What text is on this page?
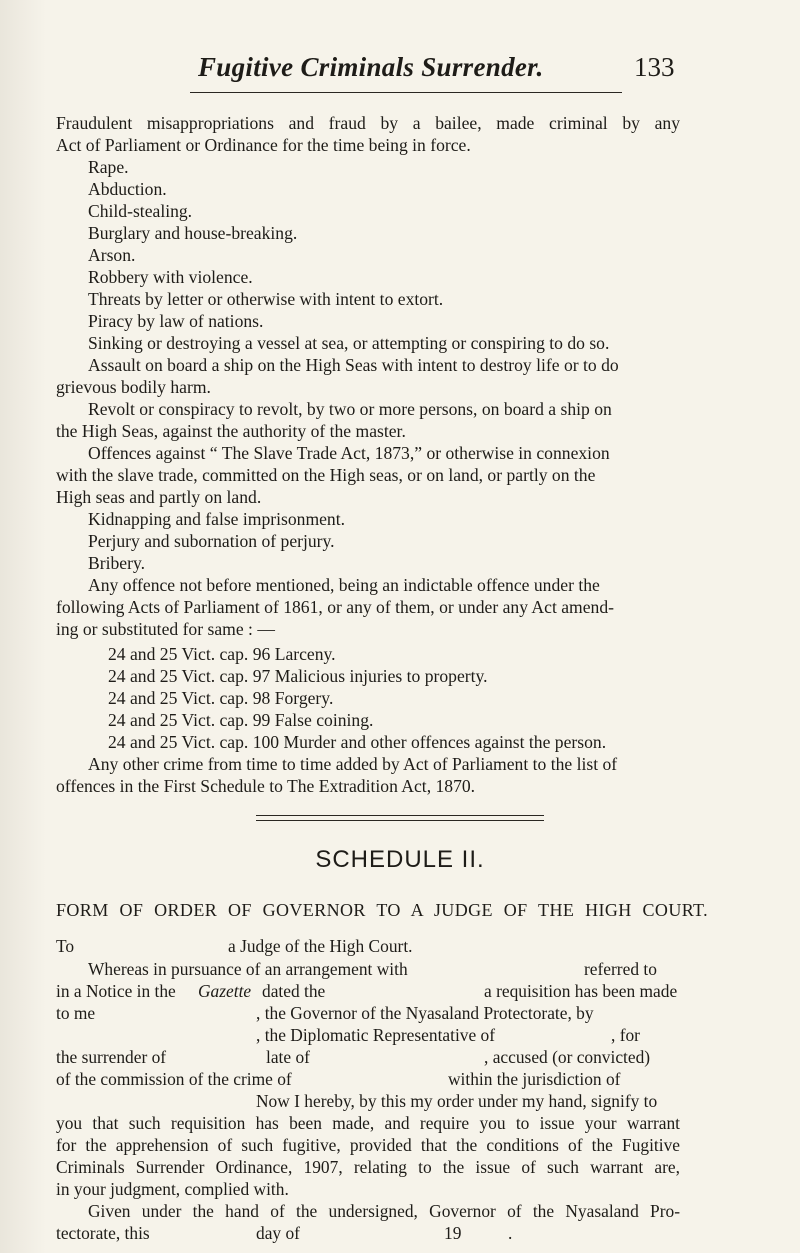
Fugitive Criminals Surrender.	133
Fraudulent misappropriations and fraud by a bailee, made criminal by any
Act of Parliament or Ordinance for the time being in force.
Rape.
Abduction.
Child-stealing.
Burglary and house-breaking.
Arson.
Robbery with violence.
Threats by letter or otherwise with intent to extort.
Piracy by law of nations.
Sinking or destroying a vessel at sea, or attempting or conspiring to do so.
Assault on board a ship on the High Seas with intent to destroy life or to do
grievous bodily harm.
Revolt or conspiracy to revolt, by two or more persons, on board a ship on
the High Seas, against the authority of the master.
Offences against “ The Slave Trade Act, 1873,” or otherwise in connexion
with the slave trade, committed on the High seas, or on land, or partly on the
High seas and partly on land.
Kidnapping and false imprisonment.
Perjury and subornation of perjury.
Bribery.
Any offence not before mentioned, being an indictable offence under the
following Acts of Parliament of 1861, or any of them, or under any Act amend-
ing or substituted for same : —
24 and 25 Vict. cap. 96 Larceny.
24 and 25 Vict. cap. 97 Malicious injuries to property.
24 and 25 Vict. cap. 98 Forgery.
24 and 25 Vict. cap. 99 False coining.
24 and 25 Vict. cap. 100 Murder and other offences against the person.
Any other crime from time to time added by Act of Parliament to the list of
offences in the First Schedule to The Extradition Act, 1870.
SCHEDULE II.
FORM OF ORDER OF GOVERNOR TO A JUDGE OF THE HIGH COURT.
To	a Judge of the High Court.
Whereas in pursuance of an arrangement with	referred to
in a Notice in the Gazette dated the	a requisition has been made
to me	, the Governor of the Nyasaland Protectorate, by
, the Diplomatic Representative of	, for
the surrender of	late of	, accused (or convicted)
of the commission of the crime of	within the jurisdiction of
Now I hereby, by this my order under my hand, signify to
you that such requisition has been made, and require you to issue your warrant
for the apprehension of such fugitive, provided that the conditions of the Fugitive
Criminals Surrender Ordinance, 1907, relating to the issue of such warrant are,
in your judgment, complied with.
Given under the hand of the undersigned, Governor of the Nyasaland Pro-
tectorate, this	day of	19	.
